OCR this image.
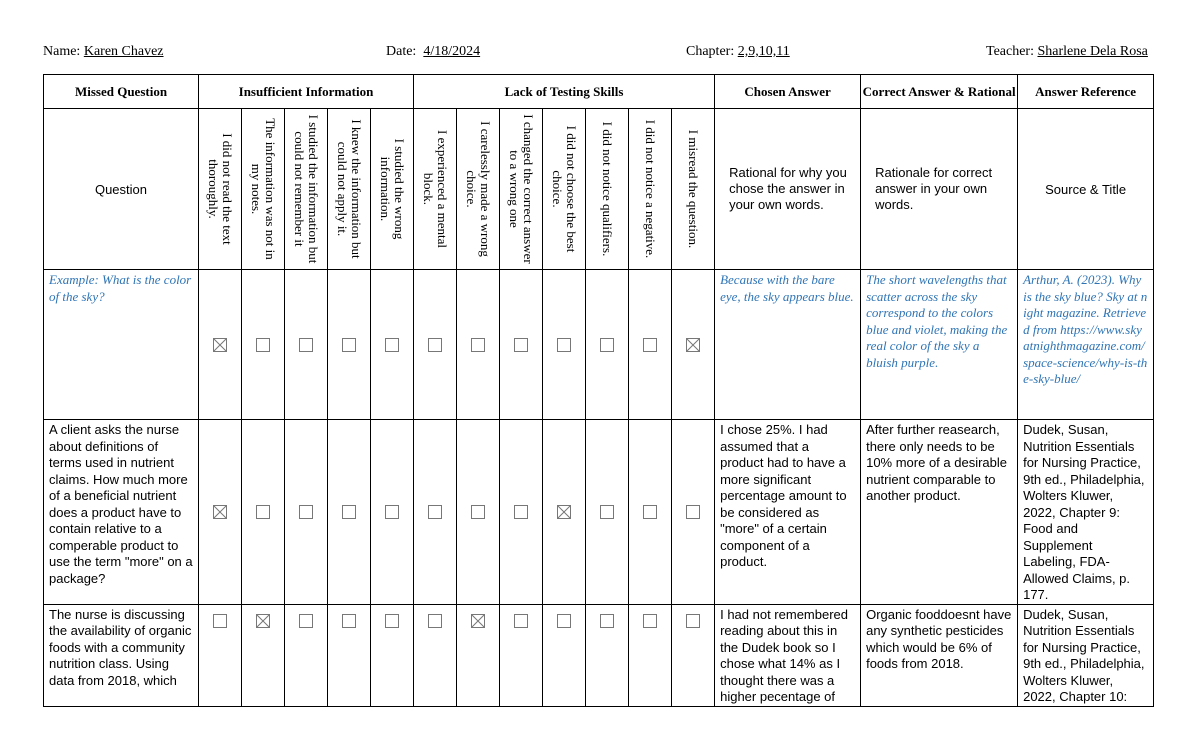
Name: Karen Chavez	Date: 4/18/2024	Chapter: 2,9,10,11	Teacher: Sharlene Dela Rosa
Missed Question	Insufficient Information					Lack of Testing Skills							Chosen Answer	Correct Answer & Rational	Answer Reference
Question	I did not read the text thoroughly.	The information was not in my notes.	I studied the information but could not remember it	I knew the information but could not apply it.	I studied the wrong information.	I experienced a mental block.	I carelessly made a wrong choice.	I changed the correct answer to a wrong one	I did not choose the best choice.	I did not notice qualifiers.	I did not notice a negative.	I misread the question.	Rational for why you chose the answer in your own words.	Rationale for correct answer in your own words.	Source & Title
Example: What is the color of the sky?													Because with the bare eye, the sky appears blue.	The short wavelengths that scatter across the sky correspond to the colors blue and violet, making the real color of the sky a bluish purple.	Arthur, A. (2023). Why is the sky blue? Sky at night magazine. Retrieved from https://www.skyatnighthmagazine.com/space-science/why-is-the-sky-blue/
A client asks the nurse about definitions of terms used in nutrient claims. How much more of a beneficial nutrient does a product have to contain relative to a comperable product to use the term "more" on a package?													I chose 25%. I had assumed that a product had to have a more significant percentage amount to be considered as "more" of a certain component of a product.	After further reasearch, there only needs to be 10% more of a desirable nutrient comparable to another product.	Dudek, Susan, Nutrition Essentials for Nursing Practice, 9th ed., Philadelphia, Wolters Kluwer, 2022, Chapter 9: Food and Supplement Labeling, FDA-Allowed Claims, p. 177.
The nurse is discussing the availability of organic foods with a community nutrition class. Using data from 2018, which													I had not remembered reading about this in the Dudek book so I chose what 14% as I thought there was a higher pecentage of	Organic fooddoesnt have any synthetic pesticides which would be 6% of foods from 2018.	Dudek, Susan, Nutrition Essentials for Nursing Practice, 9th ed., Philadelphia, Wolters Kluwer, 2022, Chapter 10:
